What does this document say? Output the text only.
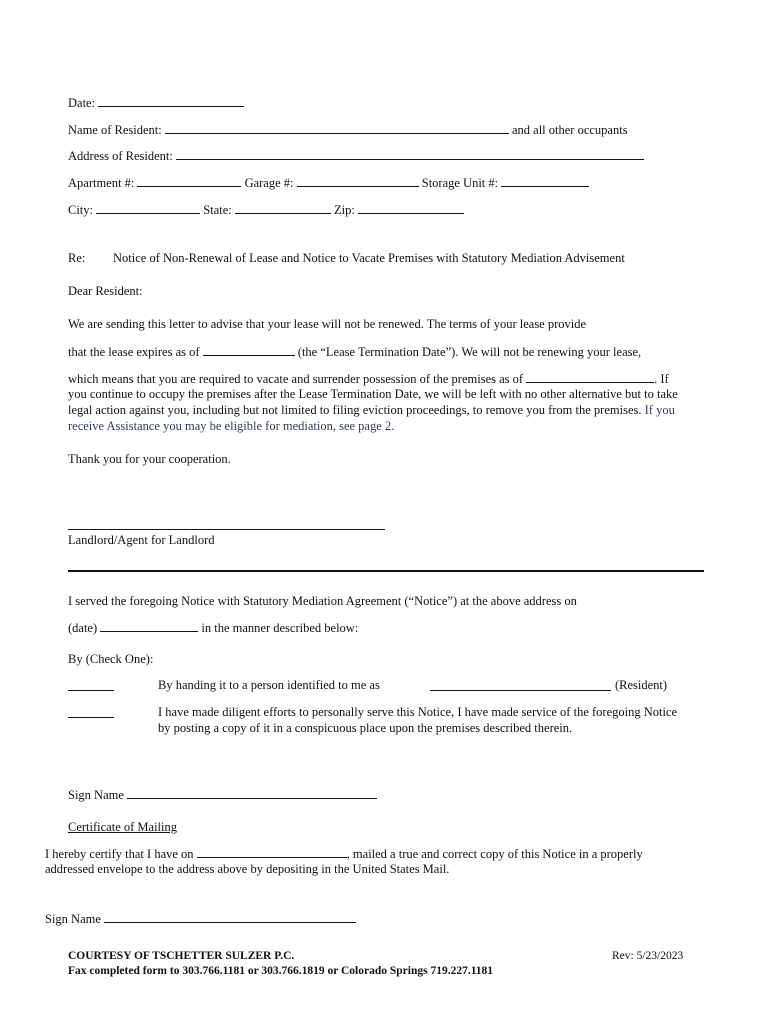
Date:
Name of Resident:	and all other occupants
Address of Resident:
Apartment #:	Garage #:	Storage Unit #:
City:	State:	Zip:
Re: Notice of Non-Renewal of Lease and Notice to Vacate Premises with Statutory Mediation Advisement
Dear Resident:
We are sending this letter to advise that your lease will not be renewed. The terms of your lease provide
that the lease expires as of	(the “Lease Termination Date”). We will not be renewing your lease,
which means that you are required to vacate and surrender possession of the premises as of	. If
you continue to occupy the premises after the Lease Termination Date, we will be left with no other alternative but to take legal action against you, including but not limited to filing eviction proceedings, to remove you from the premises. If you receive Assistance you may be eligible for mediation, see page 2.
Thank you for your cooperation.
Landlord/Agent for Landlord
I served the foregoing Notice with Statutory Mediation Agreement (“Notice”) at the above address on
(date)	in the manner described below:
By (Check One):
By handing it to a person identified to me as	(Resident)
I have made diligent efforts to personally serve this Notice, I have made service of the foregoing Notice by posting a copy of it in a conspicuous place upon the premises described therein.
Sign Name
Certificate of Mailing
I hereby certify that I have on	, mailed a true and correct copy of this Notice in a properly
addressed envelope to the address above by depositing in the United States Mail.
Sign Name
COURTESY OF TSCHETTER SULZER P.C.
Fax completed form to 303.766.1181 or 303.766.1819 or Colorado Springs 719.227.1181
Rev: 5/23/2023
